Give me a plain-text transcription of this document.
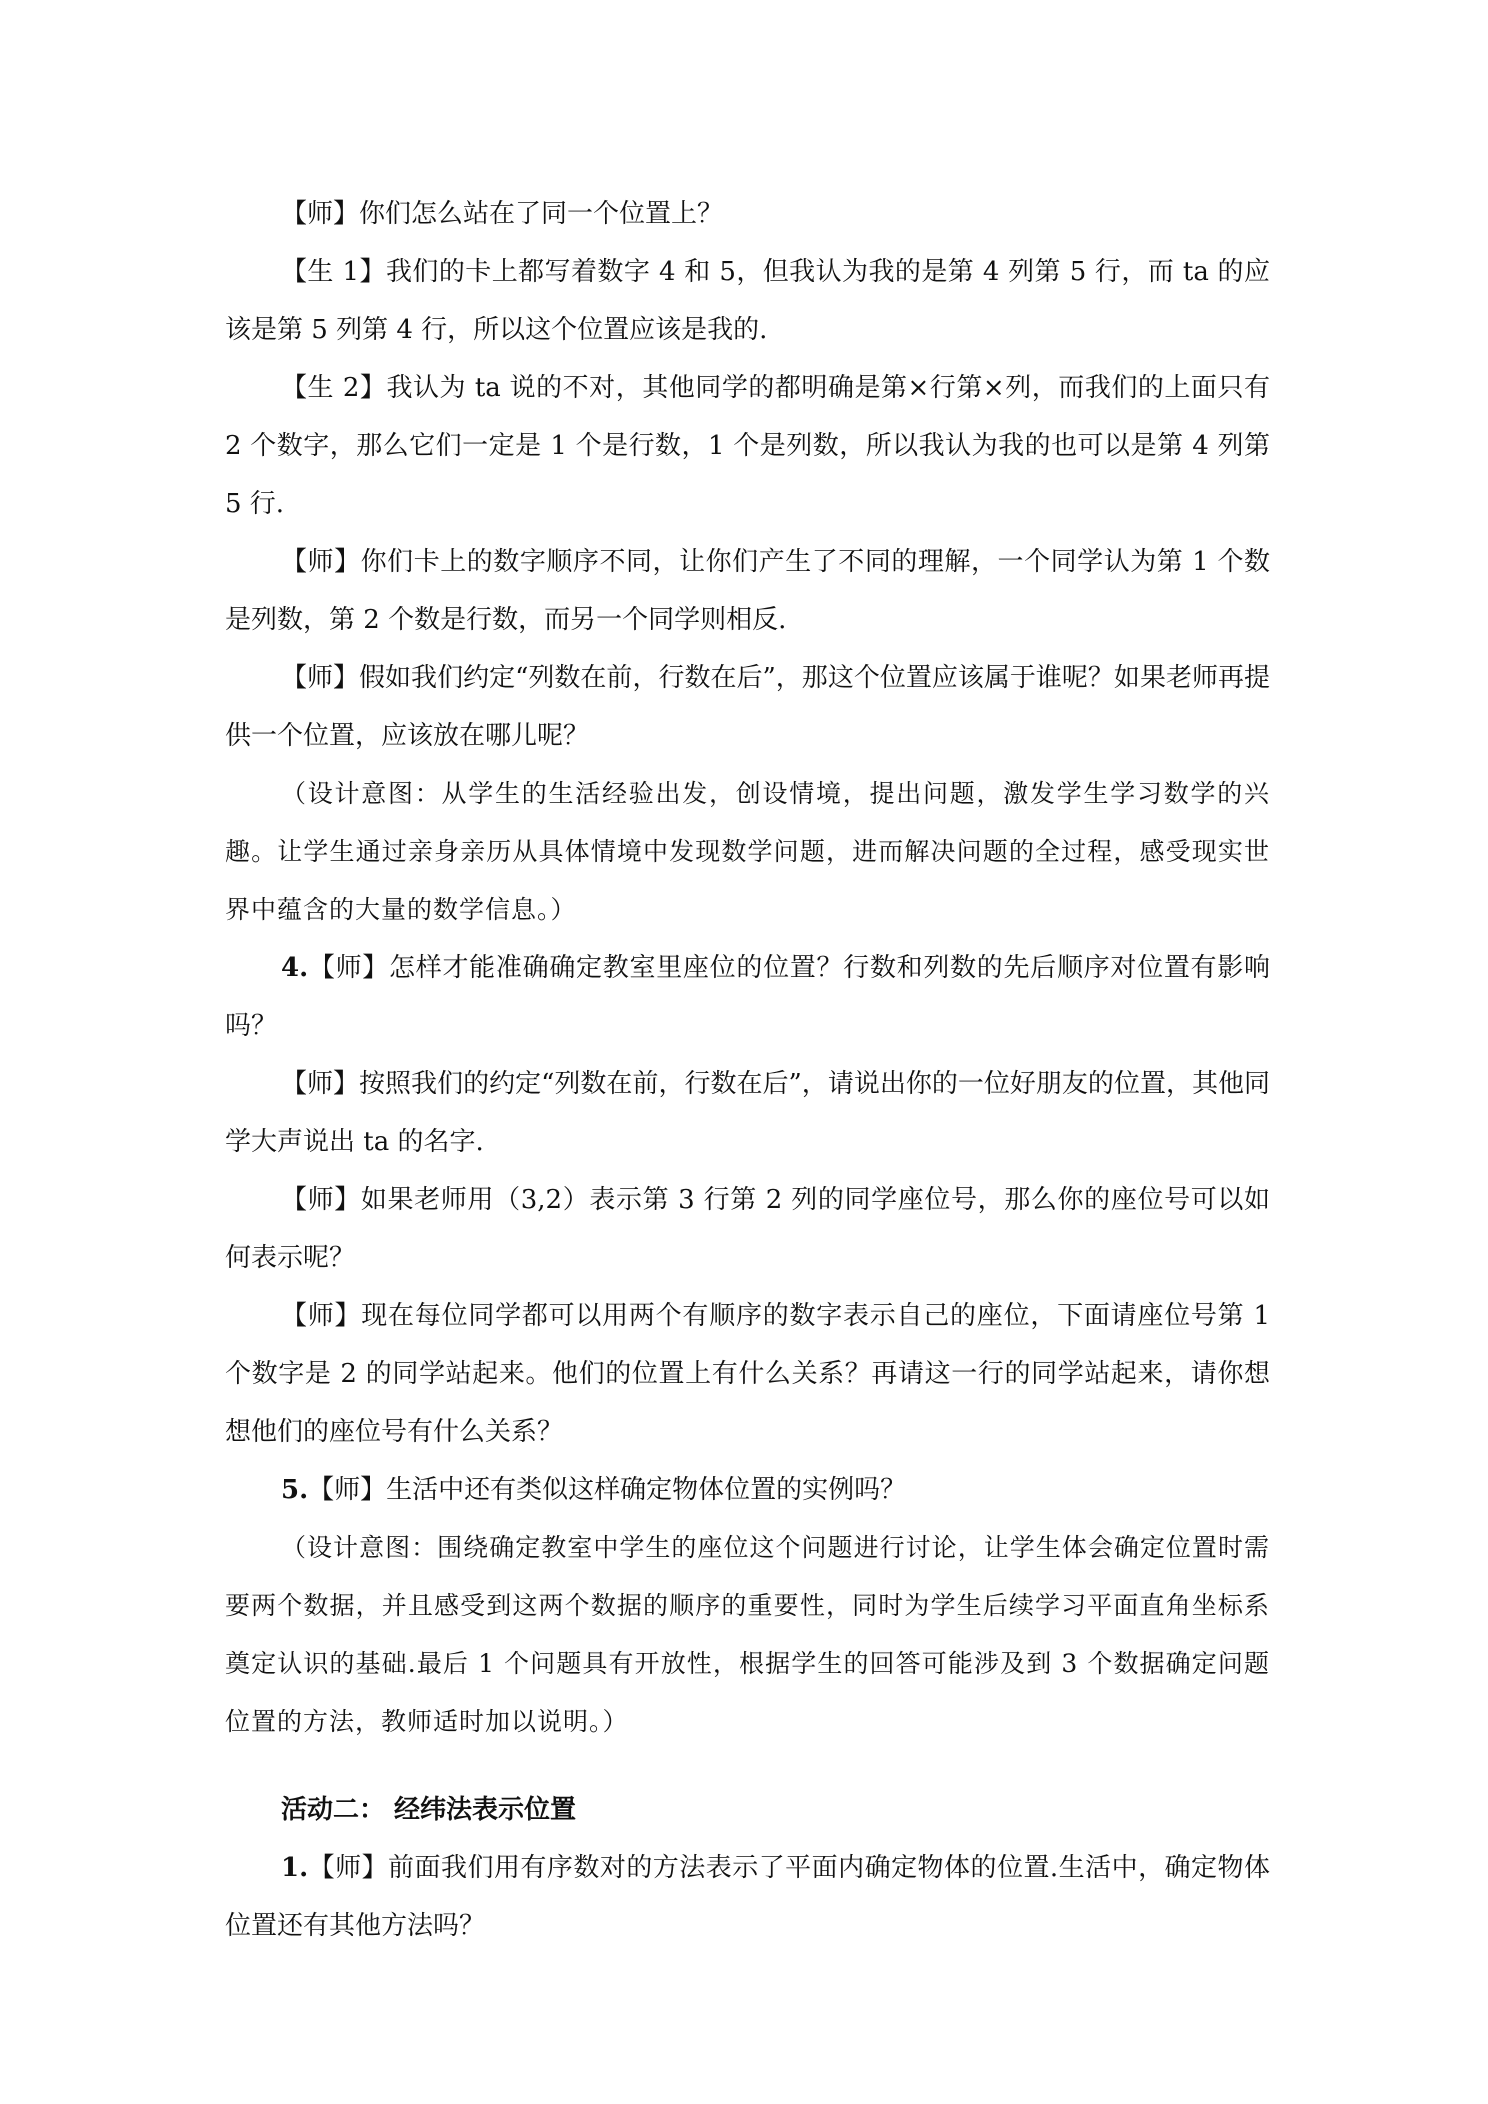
【师】你们怎么站在了同一个位置上？

【生 1】我们的卡上都写着数字 4 和 5，但我认为我的是第 4 列第 5 行，而 ta 的应该是第 5 列第 4 行，所以这个位置应该是我的.

【生 2】我认为 ta 说的不对，其他同学的都明确是第×行第×列，而我们的上面只有 2 个数字，那么它们一定是 1 个是行数，1 个是列数，所以我认为我的也可以是第 4 列第 5 行.

【师】你们卡上的数字顺序不同，让你们产生了不同的理解，一个同学认为第 1 个数是列数，第 2 个数是行数，而另一个同学则相反.

【师】假如我们约定“列数在前，行数在后”，那这个位置应该属于谁呢？如果老师再提供一个位置，应该放在哪儿呢？

（设计意图：从学生的生活经验出发，创设情境，提出问题，激发学生学习数学的兴趣。让学生通过亲身亲历从具体情境中发现数学问题，进而解决问题的全过程，感受现实世界中蕴含的大量的数学信息。）

4.【师】怎样才能准确确定教室里座位的位置？行数和列数的先后顺序对位置有影响吗？

【师】按照我们的约定“列数在前，行数在后”，请说出你的一位好朋友的位置，其他同学大声说出 ta 的名字.

【师】如果老师用（3,2）表示第 3 行第 2 列的同学座位号，那么你的座位号可以如何表示呢？

【师】现在每位同学都可以用两个有顺序的数字表示自己的座位，下面请座位号第 1 个数字是 2 的同学站起来。他们的位置上有什么关系？再请这一行的同学站起来，请你想想他们的座位号有什么关系？

5.【师】生活中还有类似这样确定物体位置的实例吗？

（设计意图：围绕确定教室中学生的座位这个问题进行讨论，让学生体会确定位置时需要两个数据，并且感受到这两个数据的顺序的重要性，同时为学生后续学习平面直角坐标系奠定认识的基础.最后 1 个问题具有开放性，根据学生的回答可能涉及到 3 个数据确定问题位置的方法，教师适时加以说明。）

活动二： 经纬法表示位置

1.【师】前面我们用有序数对的方法表示了平面内确定物体的位置.生活中，确定物体位置还有其他方法吗？
